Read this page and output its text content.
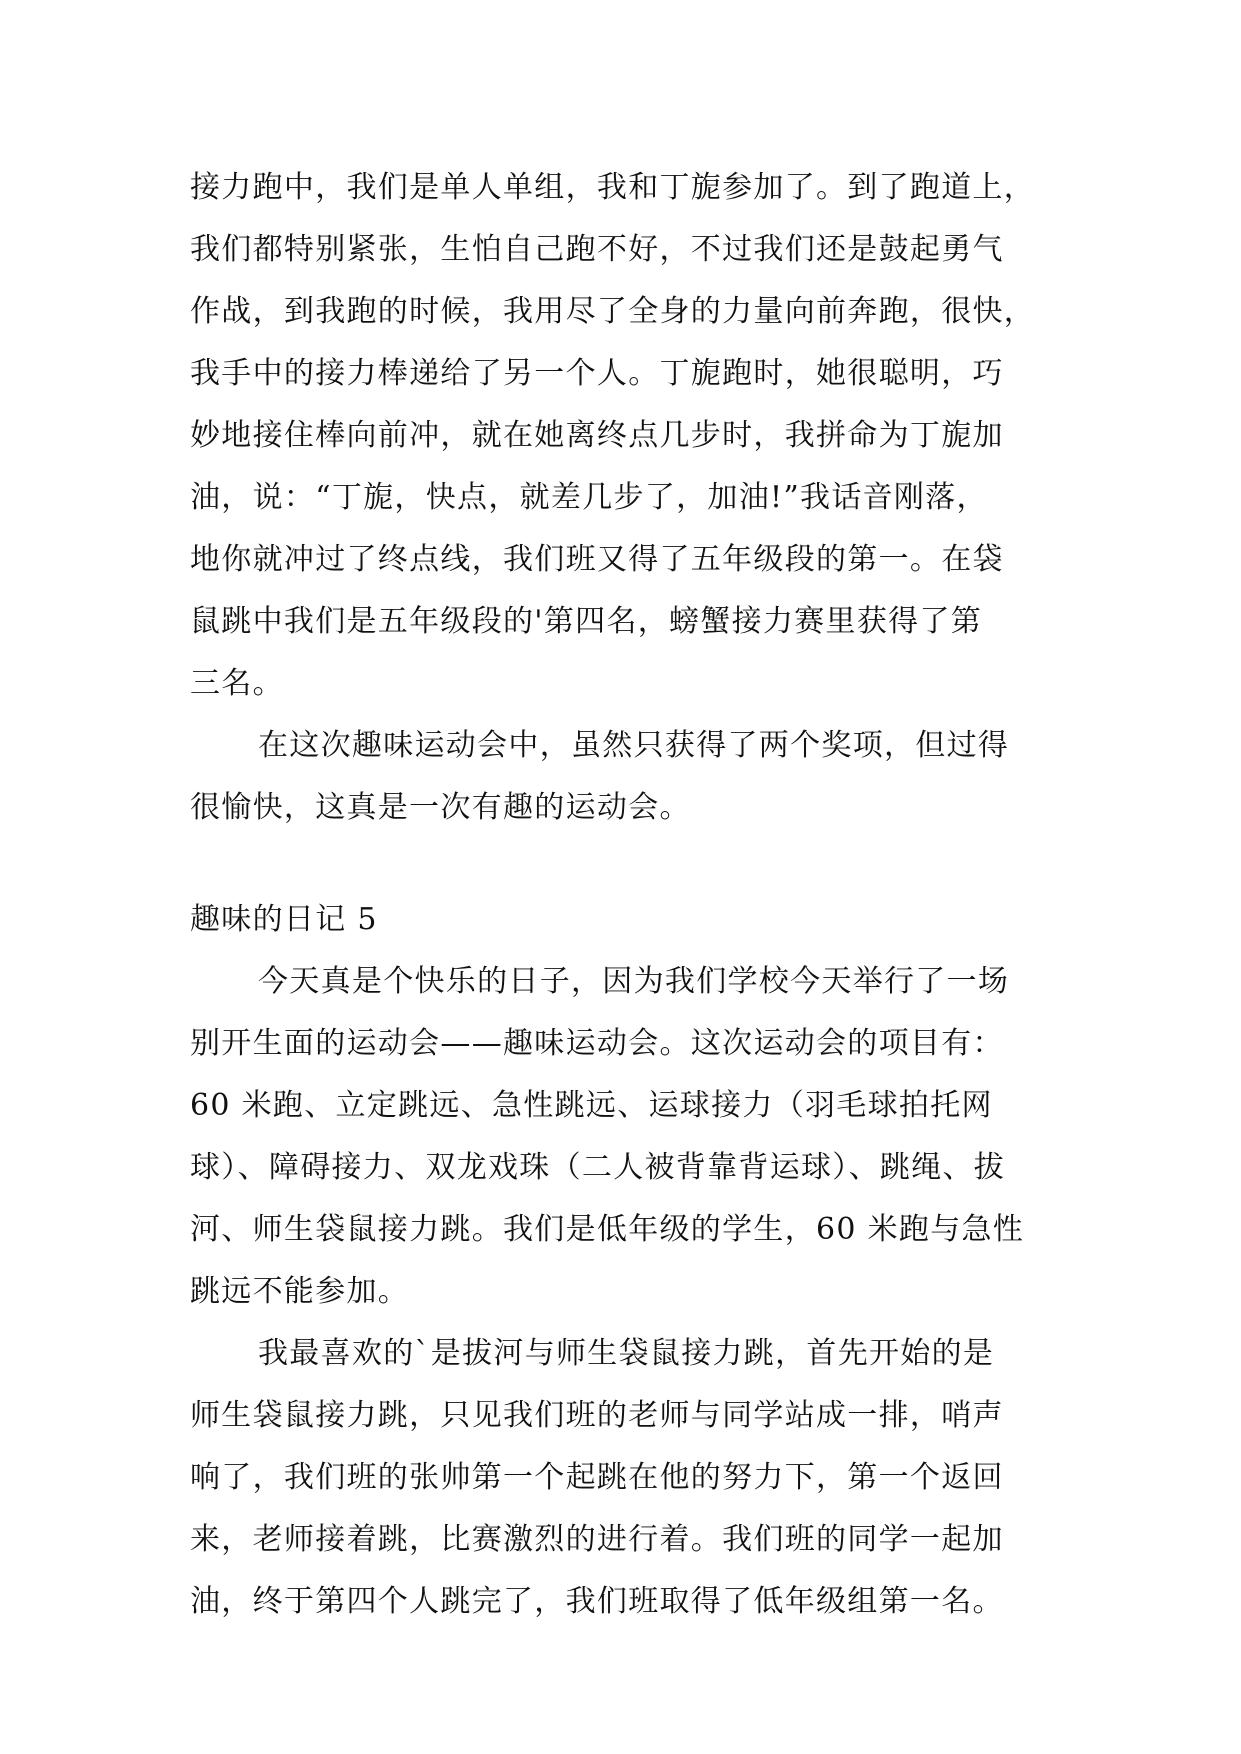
接力跑中，我们是单人单组，我和丁旎参加了。到了跑道上，
我们都特别紧张，生怕自己跑不好，不过我们还是鼓起勇气
作战，到我跑的时候，我用尽了全身的力量向前奔跑，很快，
我手中的接力棒递给了另一个人。丁旎跑时，她很聪明，巧
妙地接住棒向前冲，就在她离终点几步时，我拼命为丁旎加
油，说：“丁旎，快点，就差几步了，加油!”我话音刚落，
地你就冲过了终点线，我们班又得了五年级段的第一。在袋
鼠跳中我们是五年级段的'第四名，螃蟹接力赛里获得了第
三名。
在这次趣味运动会中，虽然只获得了两个奖项，但过得
很愉快，这真是一次有趣的运动会。
趣味的日记 5
今天真是个快乐的日子，因为我们学校今天举行了一场
别开生面的运动会——趣味运动会。这次运动会的项目有：
60 米跑、立定跳远、急性跳远、运球接力（羽毛球拍托网
球）、障碍接力、双龙戏珠（二人被背靠背运球）、跳绳、拔
河、师生袋鼠接力跳。我们是低年级的学生，60 米跑与急性
跳远不能参加。
我最喜欢的`是拔河与师生袋鼠接力跳，首先开始的是
师生袋鼠接力跳，只见我们班的老师与同学站成一排，哨声
响了，我们班的张帅第一个起跳在他的努力下，第一个返回
来，老师接着跳，比赛激烈的进行着。我们班的同学一起加
油，终于第四个人跳完了，我们班取得了低年级组第一名。
